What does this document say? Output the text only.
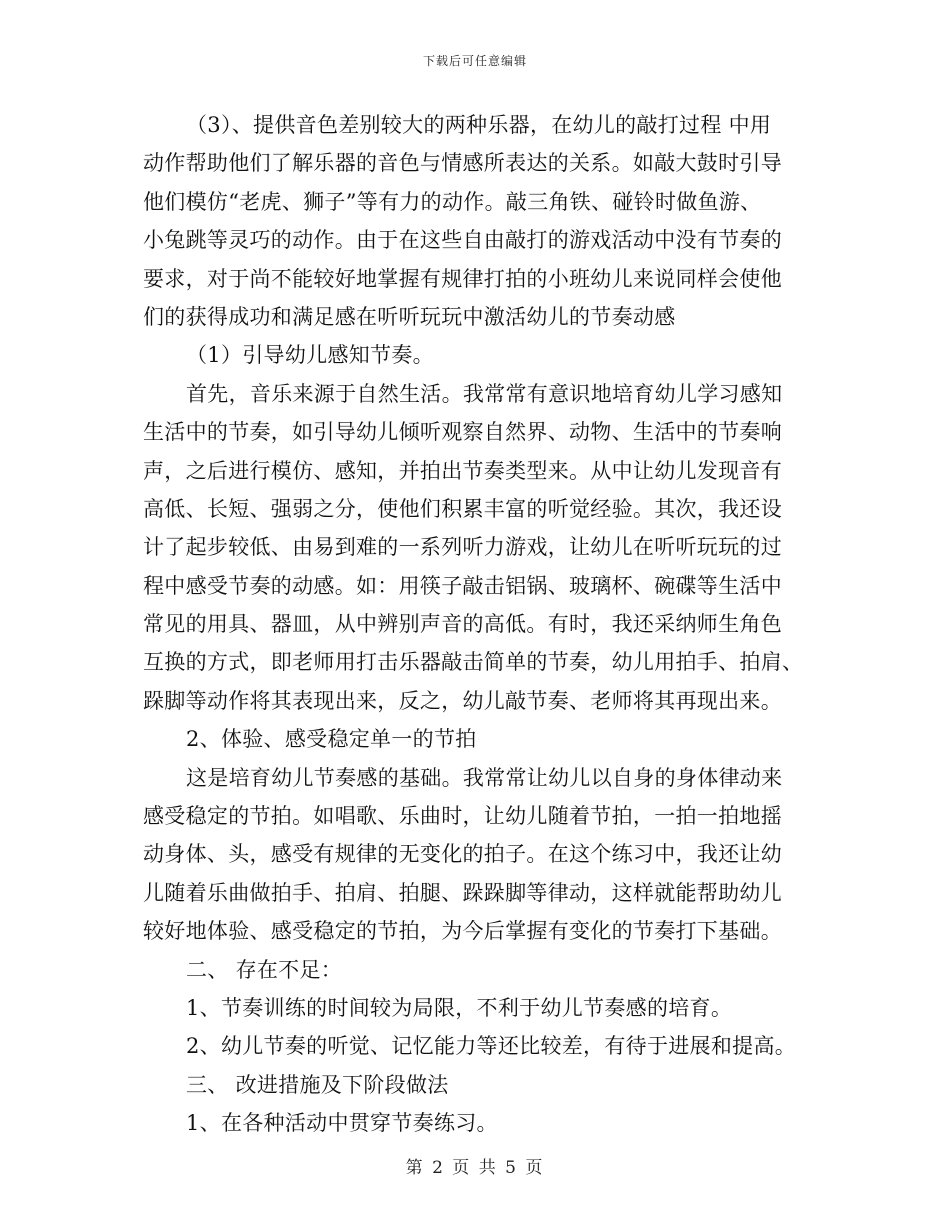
下载后可任意编辑
（3）、提供音色差别较大的两种乐器，在幼儿的敲打过程 中用
动作帮助他们了解乐器的音色与情感所表达的关系。如敲大鼓时引导
他们模仿“老虎、狮子”等有力的动作。敲三角铁、碰铃时做鱼游、
小兔跳等灵巧的动作。由于在这些自由敲打的游戏活动中没有节奏的
要求，对于尚不能较好地掌握有规律打拍的小班幼儿来说同样会使他
们的获得成功和满足感在听听玩玩中激活幼儿的节奏动感
（1）引导幼儿感知节奏。
首先，音乐来源于自然生活。我常常有意识地培育幼儿学习感知
生活中的节奏，如引导幼儿倾听观察自然界、动物、生活中的节奏响
声，之后进行模仿、感知，并拍出节奏类型来。从中让幼儿发现音有
高低、长短、强弱之分，使他们积累丰富的听觉经验。其次，我还设
计了起步较低、由易到难的一系列听力游戏，让幼儿在听听玩玩的过
程中感受节奏的动感。如：用筷子敲击铝锅、玻璃杯、碗碟等生活中
常见的用具、器皿，从中辨别声音的高低。有时，我还采纳师生角色
互换的方式，即老师用打击乐器敲击简单的节奏，幼儿用拍手、拍肩、
跺脚等动作将其表现出来，反之，幼儿敲节奏、老师将其再现出来。
2、体验、感受稳定单一的节拍
这是培育幼儿节奏感的基础。我常常让幼儿以自身的身体律动来
感受稳定的节拍。如唱歌、乐曲时，让幼儿随着节拍，一拍一拍地摇
动身体、头，感受有规律的无变化的拍子。在这个练习中，我还让幼
儿随着乐曲做拍手、拍肩、拍腿、跺跺脚等律动，这样就能帮助幼儿
较好地体验、感受稳定的节拍，为今后掌握有变化的节奏打下基础。
二、 存在不足：
1、节奏训练的时间较为局限，不利于幼儿节奏感的培育。
2、幼儿节奏的听觉、记忆能力等还比较差，有待于进展和提高。
三、 改进措施及下阶段做法
1、在各种活动中贯穿节奏练习。
第 2 页 共 5 页
